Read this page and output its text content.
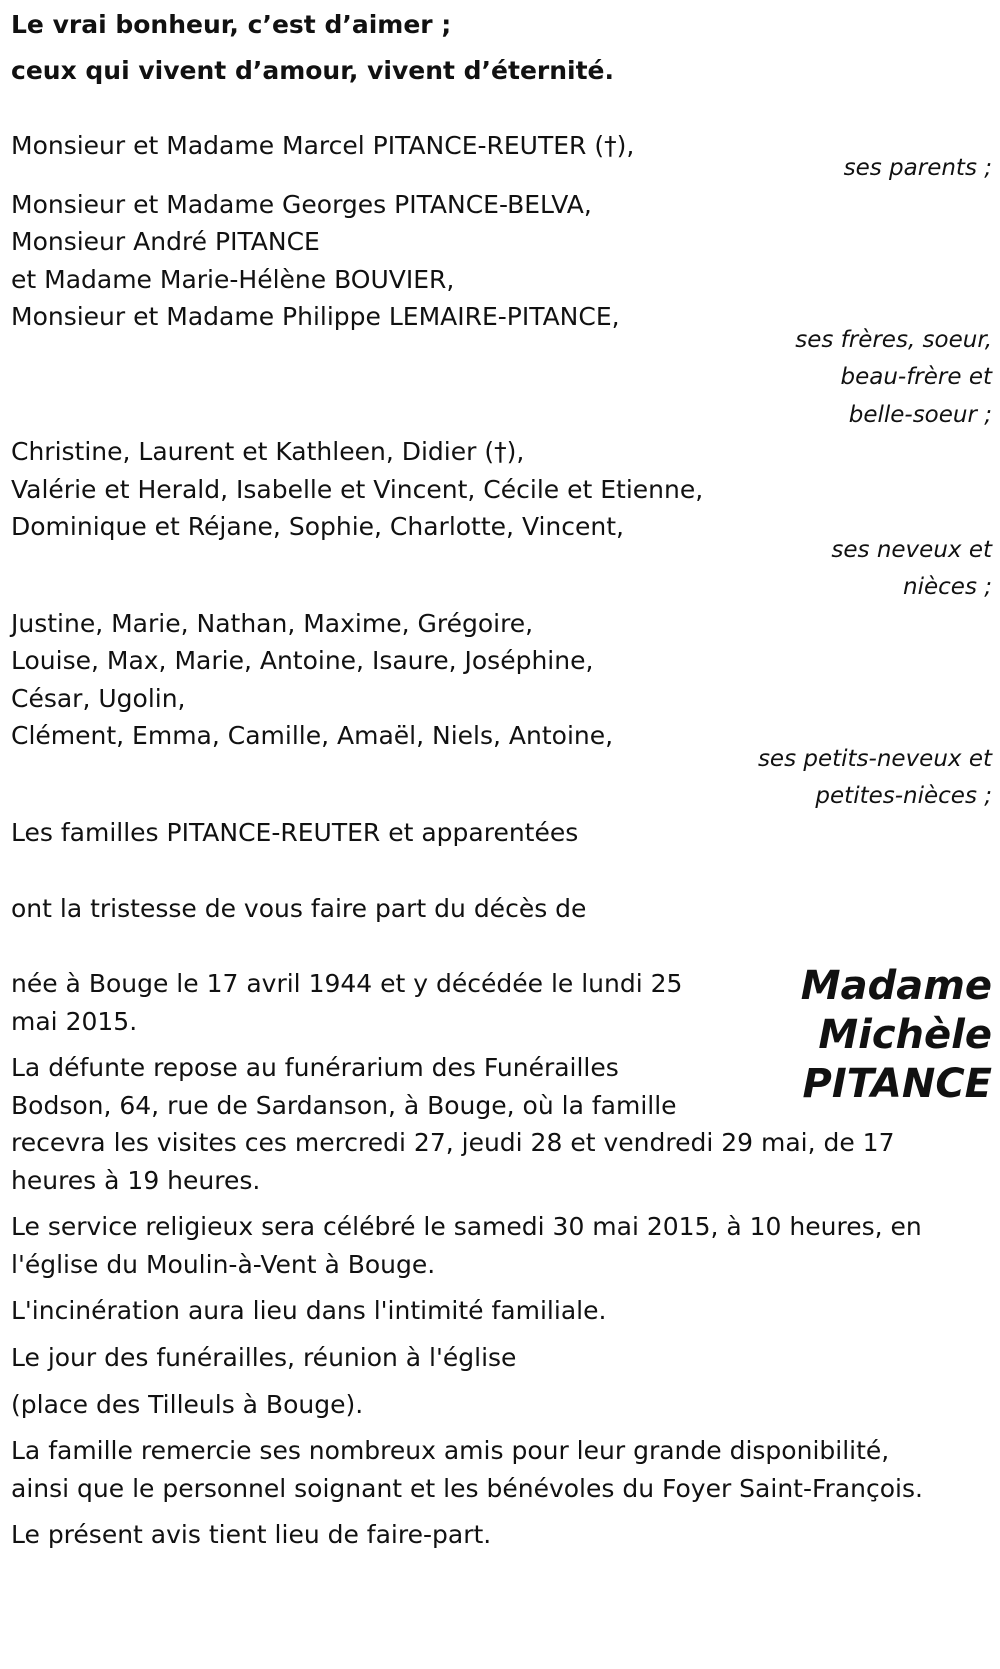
Le vrai bonheur, c’est d’aimer ;

ceux qui vivent d’amour, vivent d’éternité.

Monsieur et Madame Marcel PITANCE-REUTER (†),

ses parents ;

Monsieur et Madame Georges PITANCE-BELVA,

Monsieur André PITANCE

et Madame Marie-Hélène BOUVIER,

Monsieur et Madame Philippe LEMAIRE-PITANCE,

ses frères, soeur,

beau-frère et

belle-soeur ;

Christine, Laurent et Kathleen, Didier (†),

Valérie et Herald, Isabelle et Vincent, Cécile et Etienne,

Dominique et Réjane, Sophie, Charlotte, Vincent,

ses neveux et

nièces ;

Justine, Marie, Nathan, Maxime, Grégoire,

Louise, Max, Marie, Antoine, Isaure, Joséphine,

César, Ugolin,

Clément, Emma, Camille, Amaël, Niels, Antoine,

ses petits-neveux et

petites-nièces ;

Les familles PITANCE-REUTER et apparentées

ont la tristesse de vous faire part du décès de

Madame
Michèle
PITANCE

née à Bouge le 17 avril 1944 et y décédée le lundi 25

mai 2015.

La défunte repose au funérarium des Funérailles

Bodson, 64, rue de Sardanson, à Bouge, où la famille

recevra les visites ces mercredi 27, jeudi 28 et vendredi 29 mai, de 17

heures à 19 heures.

Le service religieux sera célébré le samedi 30 mai 2015, à 10 heures, en

l'église du Moulin-à-Vent à Bouge.

L'incinération aura lieu dans l'intimité familiale.

Le jour des funérailles, réunion à l'église

(place des Tilleuls à Bouge).

La famille remercie ses nombreux amis pour leur grande disponibilité,

ainsi que le personnel soignant et les bénévoles du Foyer Saint-François.

Le présent avis tient lieu de faire-part.
